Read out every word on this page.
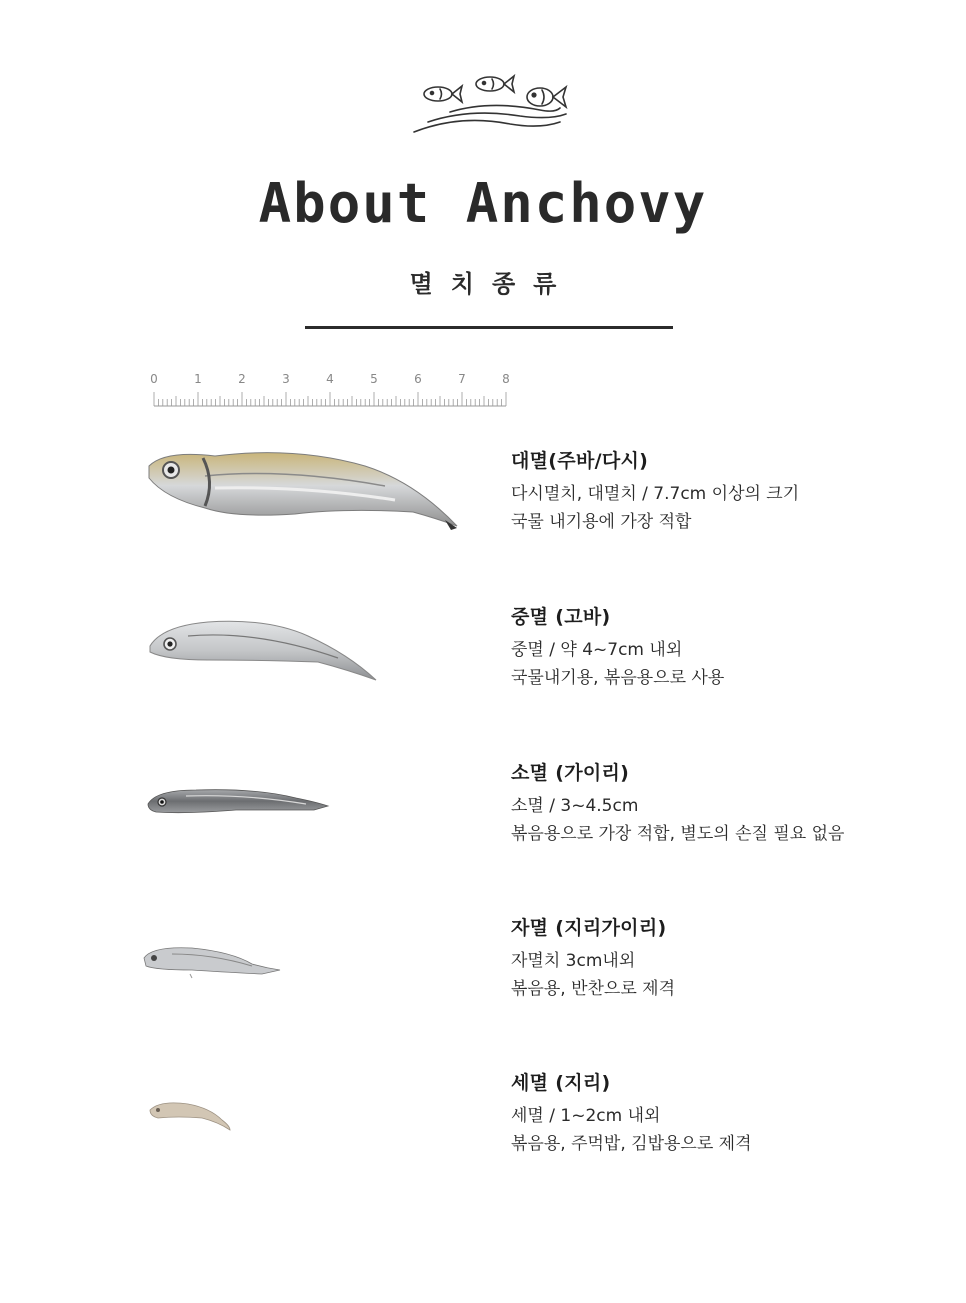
About Anchovy
멸치종류
0	1	2	3	4	5	6	7	8
대멸(주바/다시)
다시멸치, 대멸치 / 7.7cm 이상의 크기
국물 내기용에 가장 적합
중멸 (고바)
중멸 / 약 4~7cm 내외
국물내기용, 볶음용으로 사용
소멸 (가이리)
소멸 / 3~4.5cm
볶음용으로 가장 적합, 별도의 손질 필요 없음
자멸 (지리가이리)
자멸치 3cm내외
볶음용, 반찬으로 제격
세멸 (지리)
세멸 / 1~2cm 내외
볶음용, 주먹밥, 김밥용으로 제격
